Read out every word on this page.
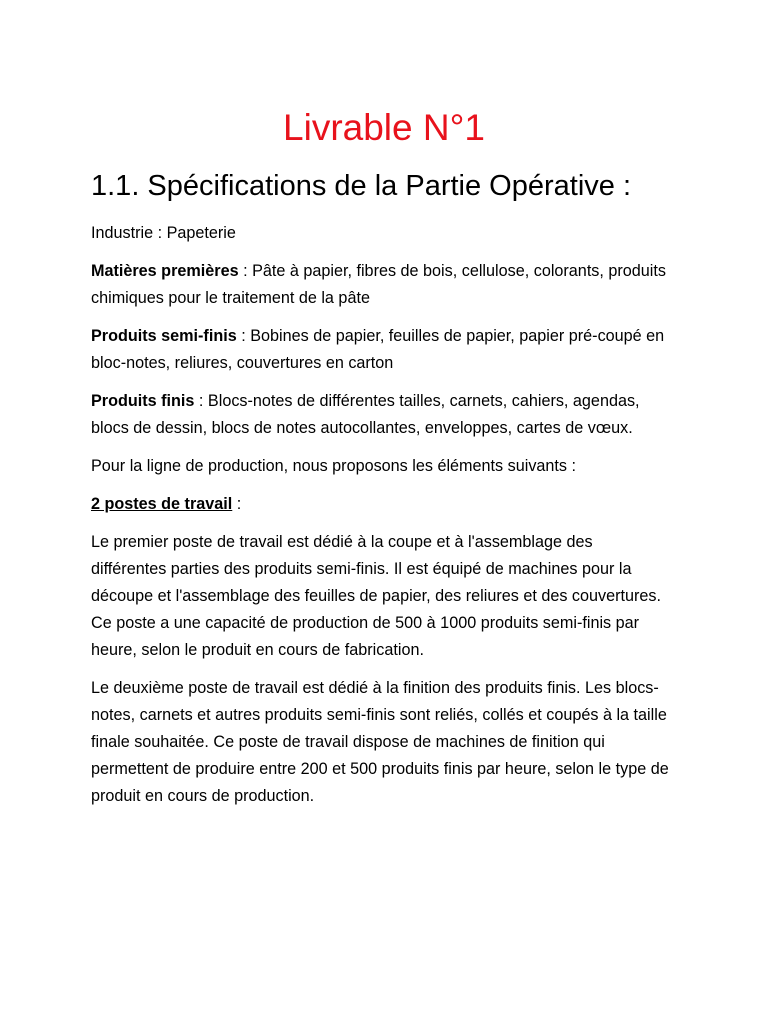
Livrable N°1
1.1. Spécifications de la Partie Opérative :

Industrie : Papeterie

Matières premières : Pâte à papier, fibres de bois, cellulose, colorants, produits chimiques pour le traitement de la pâte

Produits semi-finis : Bobines de papier, feuilles de papier, papier pré-coupé en bloc-notes, reliures, couvertures en carton

Produits finis : Blocs-notes de différentes tailles, carnets, cahiers, agendas, blocs de dessin, blocs de notes autocollantes, enveloppes, cartes de vœux.

Pour la ligne de production, nous proposons les éléments suivants :

2 postes de travail :

Le premier poste de travail est dédié à la coupe et à l'assemblage des différentes parties des produits semi-finis. Il est équipé de machines pour la découpe et l'assemblage des feuilles de papier, des reliures et des couvertures. Ce poste a une capacité de production de 500 à 1000 produits semi-finis par heure, selon le produit en cours de fabrication.

Le deuxième poste de travail est dédié à la finition des produits finis. Les blocs-notes, carnets et autres produits semi-finis sont reliés, collés et coupés à la taille finale souhaitée. Ce poste de travail dispose de machines de finition qui permettent de produire entre 200 et 500 produits finis par heure, selon le type de produit en cours de production.
